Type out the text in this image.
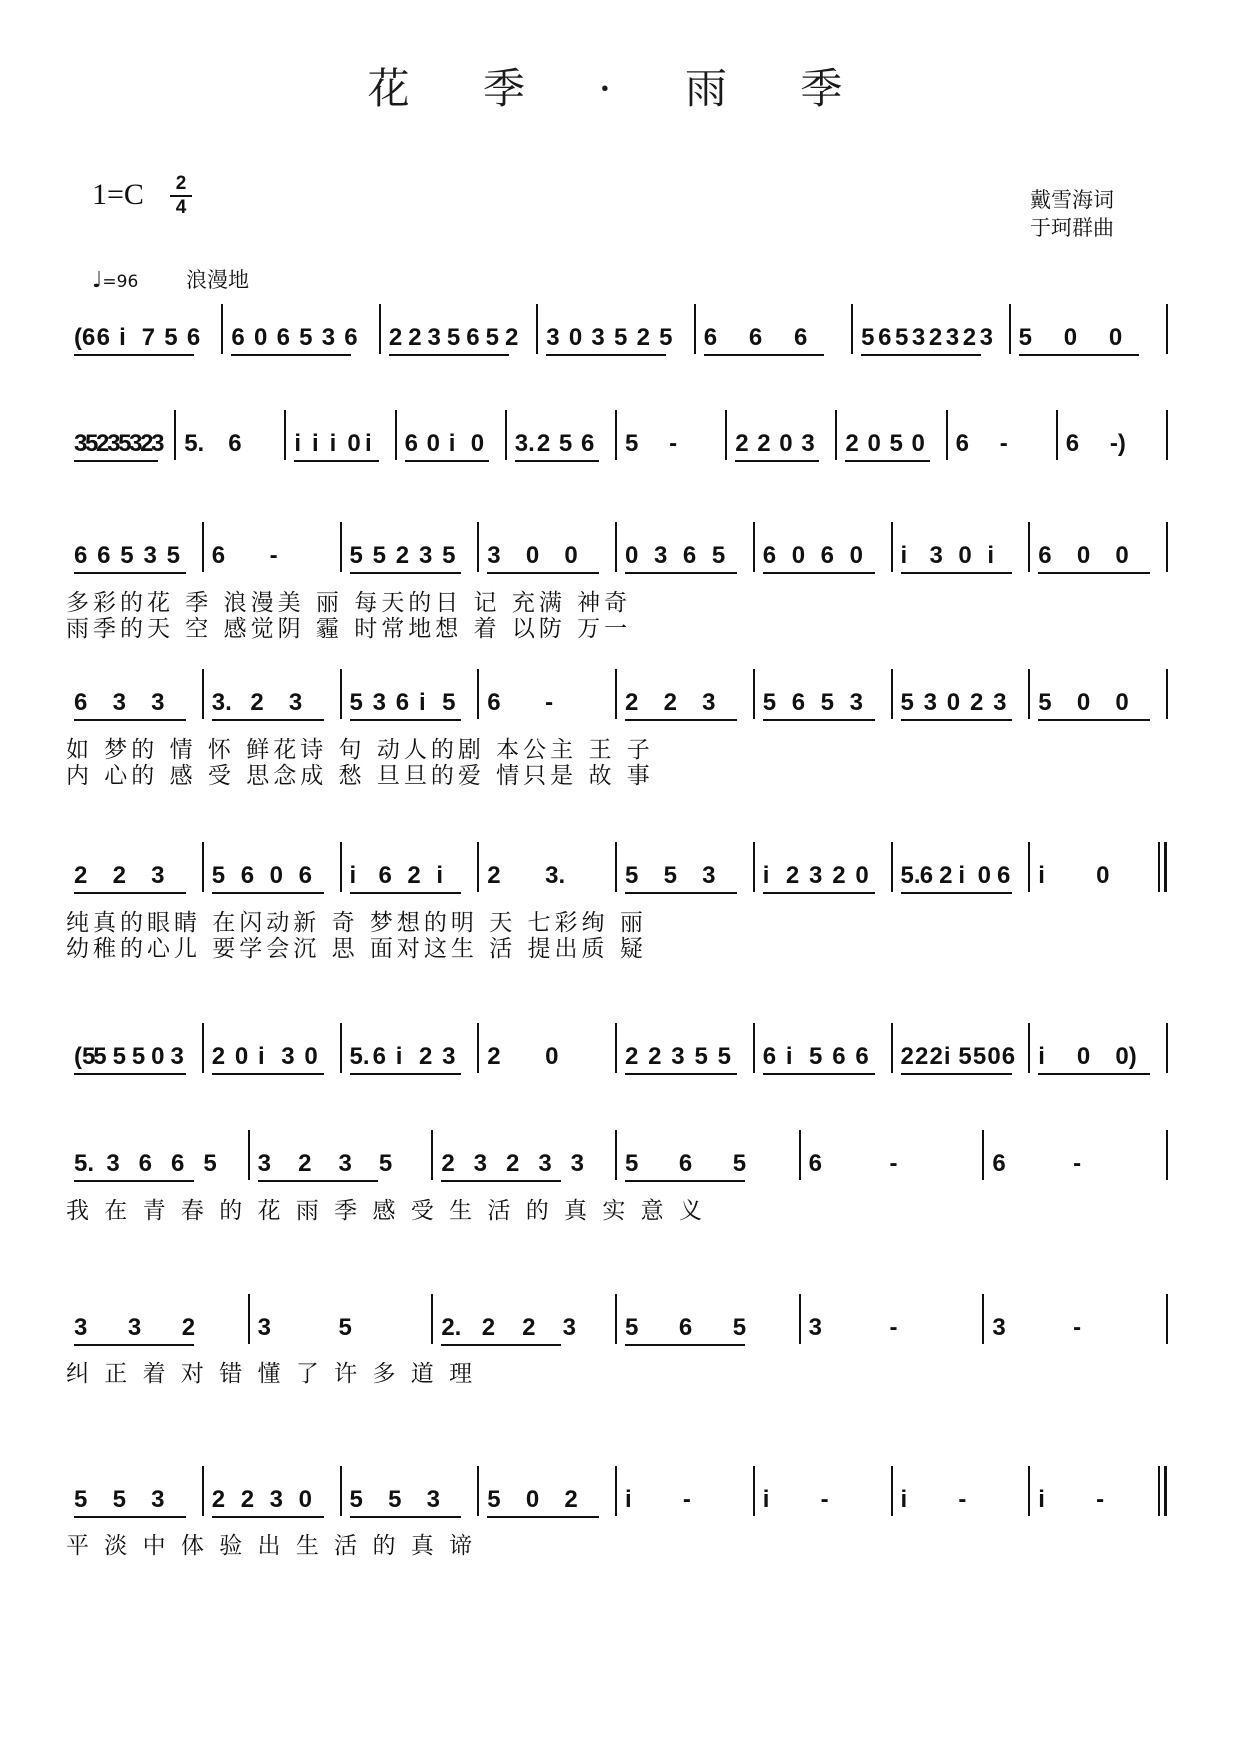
花 季 · 雨 季
1=C	2
4	戴雪海词
于珂群曲
♩=96 浪漫地
(6 6 i 7 5 6 6 0 6 5 3 6 2 2 3 5 6 5 2 3 0 3 5 2 5 6 6 6 5 6 5 3 2 3 2 3 5 0 0
3
5
2
3
5
3
2
3 5. 6 i i i 0 i 6 0 i 0 3. 2 5 6 5 - 2 2 0 3 2 0 5 0 6 - 6 -)
6 6 5 3 5 6 -	5 5 2 3 5 3 0 0 0 3 6 5 6 0 6 0 i 3 0 i 6 0 0
多彩的花 季 浪漫美 丽 每天的日 记 充满 神奇
雨季的天 空 感觉阴 霾 时常地想 着 以防 万一
6 3 3 3. 2 3 5 3 6 i 5 6 -	2 2 3 5 6 5 3 5 3 0 2 3 5 0 0
如 梦的 情 怀 鲜花诗 句 动人的剧 本公主 王 子
内 心的 感 受 思念成 愁 旦旦的爱 情只是 故 事
2 2 3 5 6 0 6 i 6 2 i 2 3. 5 5 3 i 2 3 2 0 5. 6 2 i 0 6 i 0
纯真的眼睛 在闪动新 奇 梦想的明 天 七彩绚 丽
幼稚的心儿 要学会沉 思 面对这生 活 提出质 疑
(5
5 5 5 0 3 2 0 i 3 0 5. 6 i 2 3 2 0	2 2 3 5 5 6 i 5 6 6 2 2 2 i 5 5 0 6 i 0 0)
5. 3 6 6 5 3 2 3 5 2 3 2 3 3 5 6 5	6	-	6	-
我 在 青 春 的 花 雨 季 感 受 生 活 的 真 实 意 义
3 3 2	3	5	2. 2 2 3 5 6 5	3	-	3	-
纠 正 着 对 错 懂 了 许 多 道 理
5 5 3 2 2 3 0 5 5 3 5 0 2 i -	i -	i -	i -
平 淡 中 体 验 出 生 活 的 真 谛
